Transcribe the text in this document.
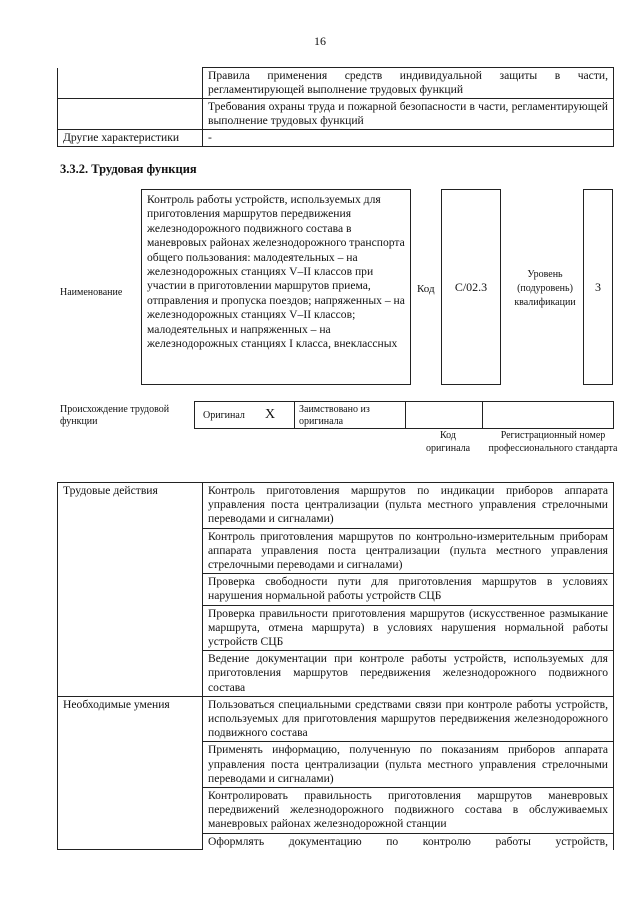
16
	Правила применения средств индивидуальной защиты в части, регламентирующей выполнение трудовых функций
	Требования охраны труда и пожарной безопасности в части, регламентирующей выполнение трудовых функций
Другие характеристики	-
3.3.2. Трудовая функция
Наименование
Контроль работы устройств, используемых для приготовления маршрутов передвижения железнодорожного подвижного состава в маневровых районах железнодорожного транспорта общего пользования: малодеятельных – на железнодорожных станциях V–II классов при участии в приготовлении маршрутов приема, отправления и пропуска поездов; напряженных – на железнодорожных станциях V–II классов; малодеятельных и напряженных – на железнодорожных станциях I класса, внеклассных
Код C/02.3
Уровень (подуровень) квалификации
3
Происхождение трудовой функции
Оригинал X	Заимствовано из оригинала
Код оригинала
Регистрационный номер профессионального стандарта
Трудовые действия	Контроль приготовления маршрутов по индикации приборов аппарата управления поста централизации (пульта местного управления стрелочными переводами и сигналами)
	Контроль приготовления маршрутов по контрольно-измерительным приборам аппарата управления поста централизации (пульта местного управления стрелочными переводами и сигналами)
	Проверка свободности пути для приготовления маршрутов в условиях нарушения нормальной работы устройств СЦБ
	Проверка правильности приготовления маршрутов (искусственное размыкание маршрута, отмена маршрута) в условиях нарушения нормальной работы устройств СЦБ
	Ведение документации при контроле работы устройств, используемых для приготовления маршрутов передвижения железнодорожного подвижного состава
Необходимые умения	Пользоваться специальными средствами связи при контроле работы устройств, используемых для приготовления маршрутов передвижения железнодорожного подвижного состава
	Применять информацию, полученную по показаниям приборов аппарата управления поста централизации (пульта местного управления стрелочными переводами и сигналами)
	Контролировать правильность приготовления маршрутов маневровых передвижений железнодорожного подвижного состава в обслуживаемых маневровых районах железнодорожной станции
	Оформлять документацию по контролю работы устройств,
